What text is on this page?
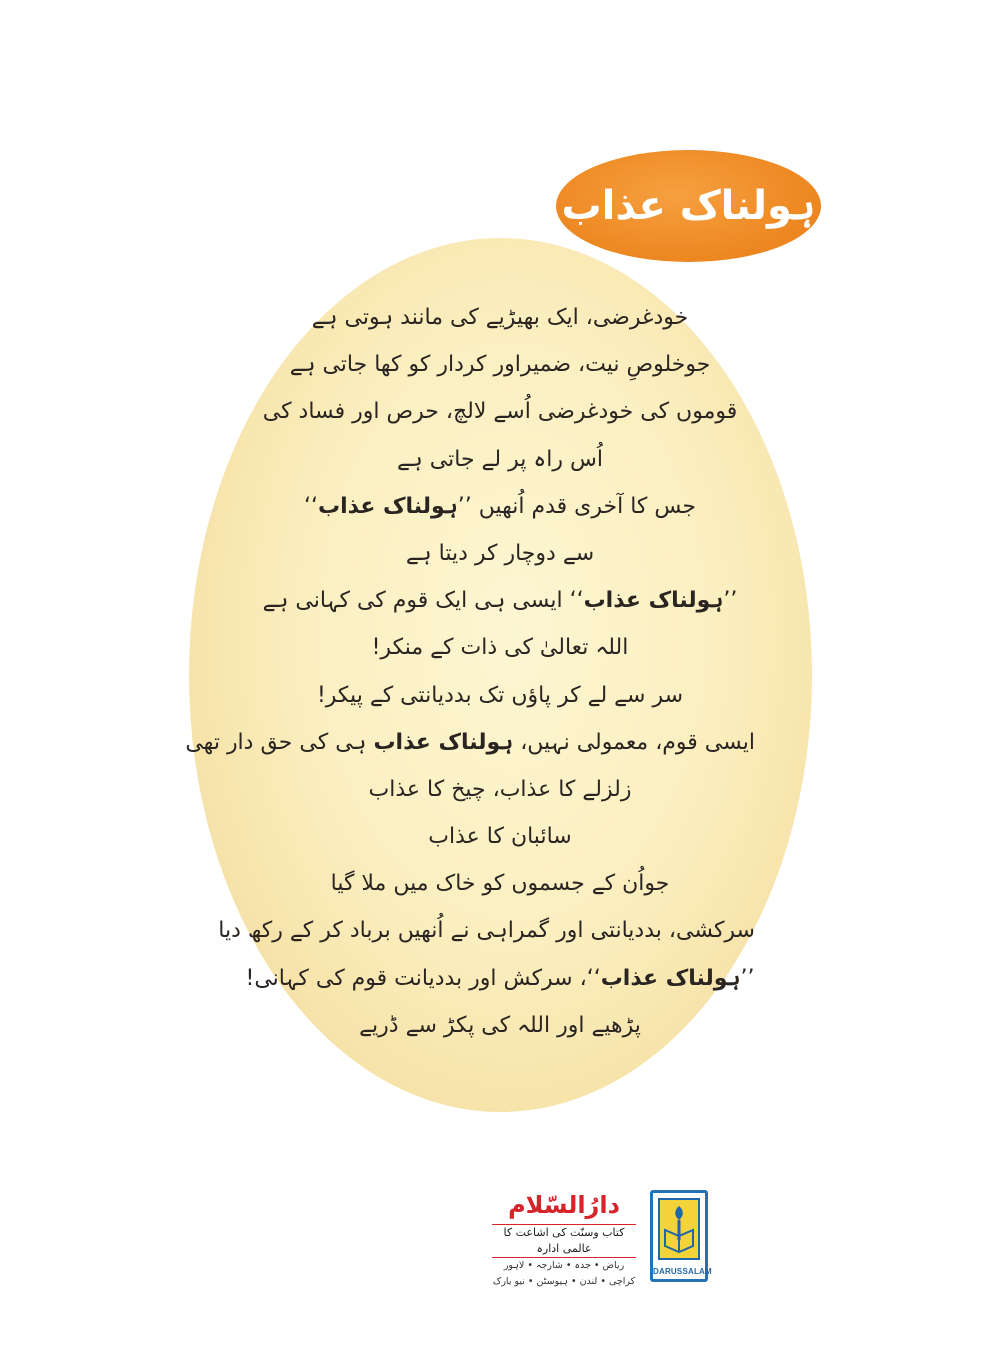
ہولناک عذاب
خودغرضی، ایک بھیڑیے کی مانند ہوتی ہے
جوخلوصِ نیت، ضمیراور کردار کو کھا جاتی ہے
قوموں کی خودغرضی اُسے لالچ، حرص اور فساد کی
اُس راہ پر لے جاتی ہے
جس کا آخری قدم اُنھیں ’’ہولناک عذاب‘‘
سے دوچار کر دیتا ہے
’’ہولناک عذاب‘‘ ایسی ہی ایک قوم کی کہانی ہے
اللہ تعالیٰ کی ذات کے منکر!
سر سے لے کر پاؤں تک بددیانتی کے پیکر!
ایسی قوم، معمولی نہیں، ہولناک عذاب ہی کی حق دار تھی
زلزلے کا عذاب، چیخ کا عذاب
سائبان کا عذاب
جواُن کے جسموں کو خاک میں ملا گیا
سرکشی، بددیانتی اور گمراہی نے اُنھیں برباد کر کے رکھ دیا
’’ہولناک عذاب‘‘، سرکش اور بددیانت قوم کی کہانی!
پڑھیے اور اللہ کی پکڑ سے ڈریے
دارُالسّلام
کتاب وسنّت کی اشاعت کا عالمی ادارہ
ریاض • جدہ • شارجہ • لاہور
کراچی • لندن • ہیوسٹن • نیو یارک
DARUSSALAM
